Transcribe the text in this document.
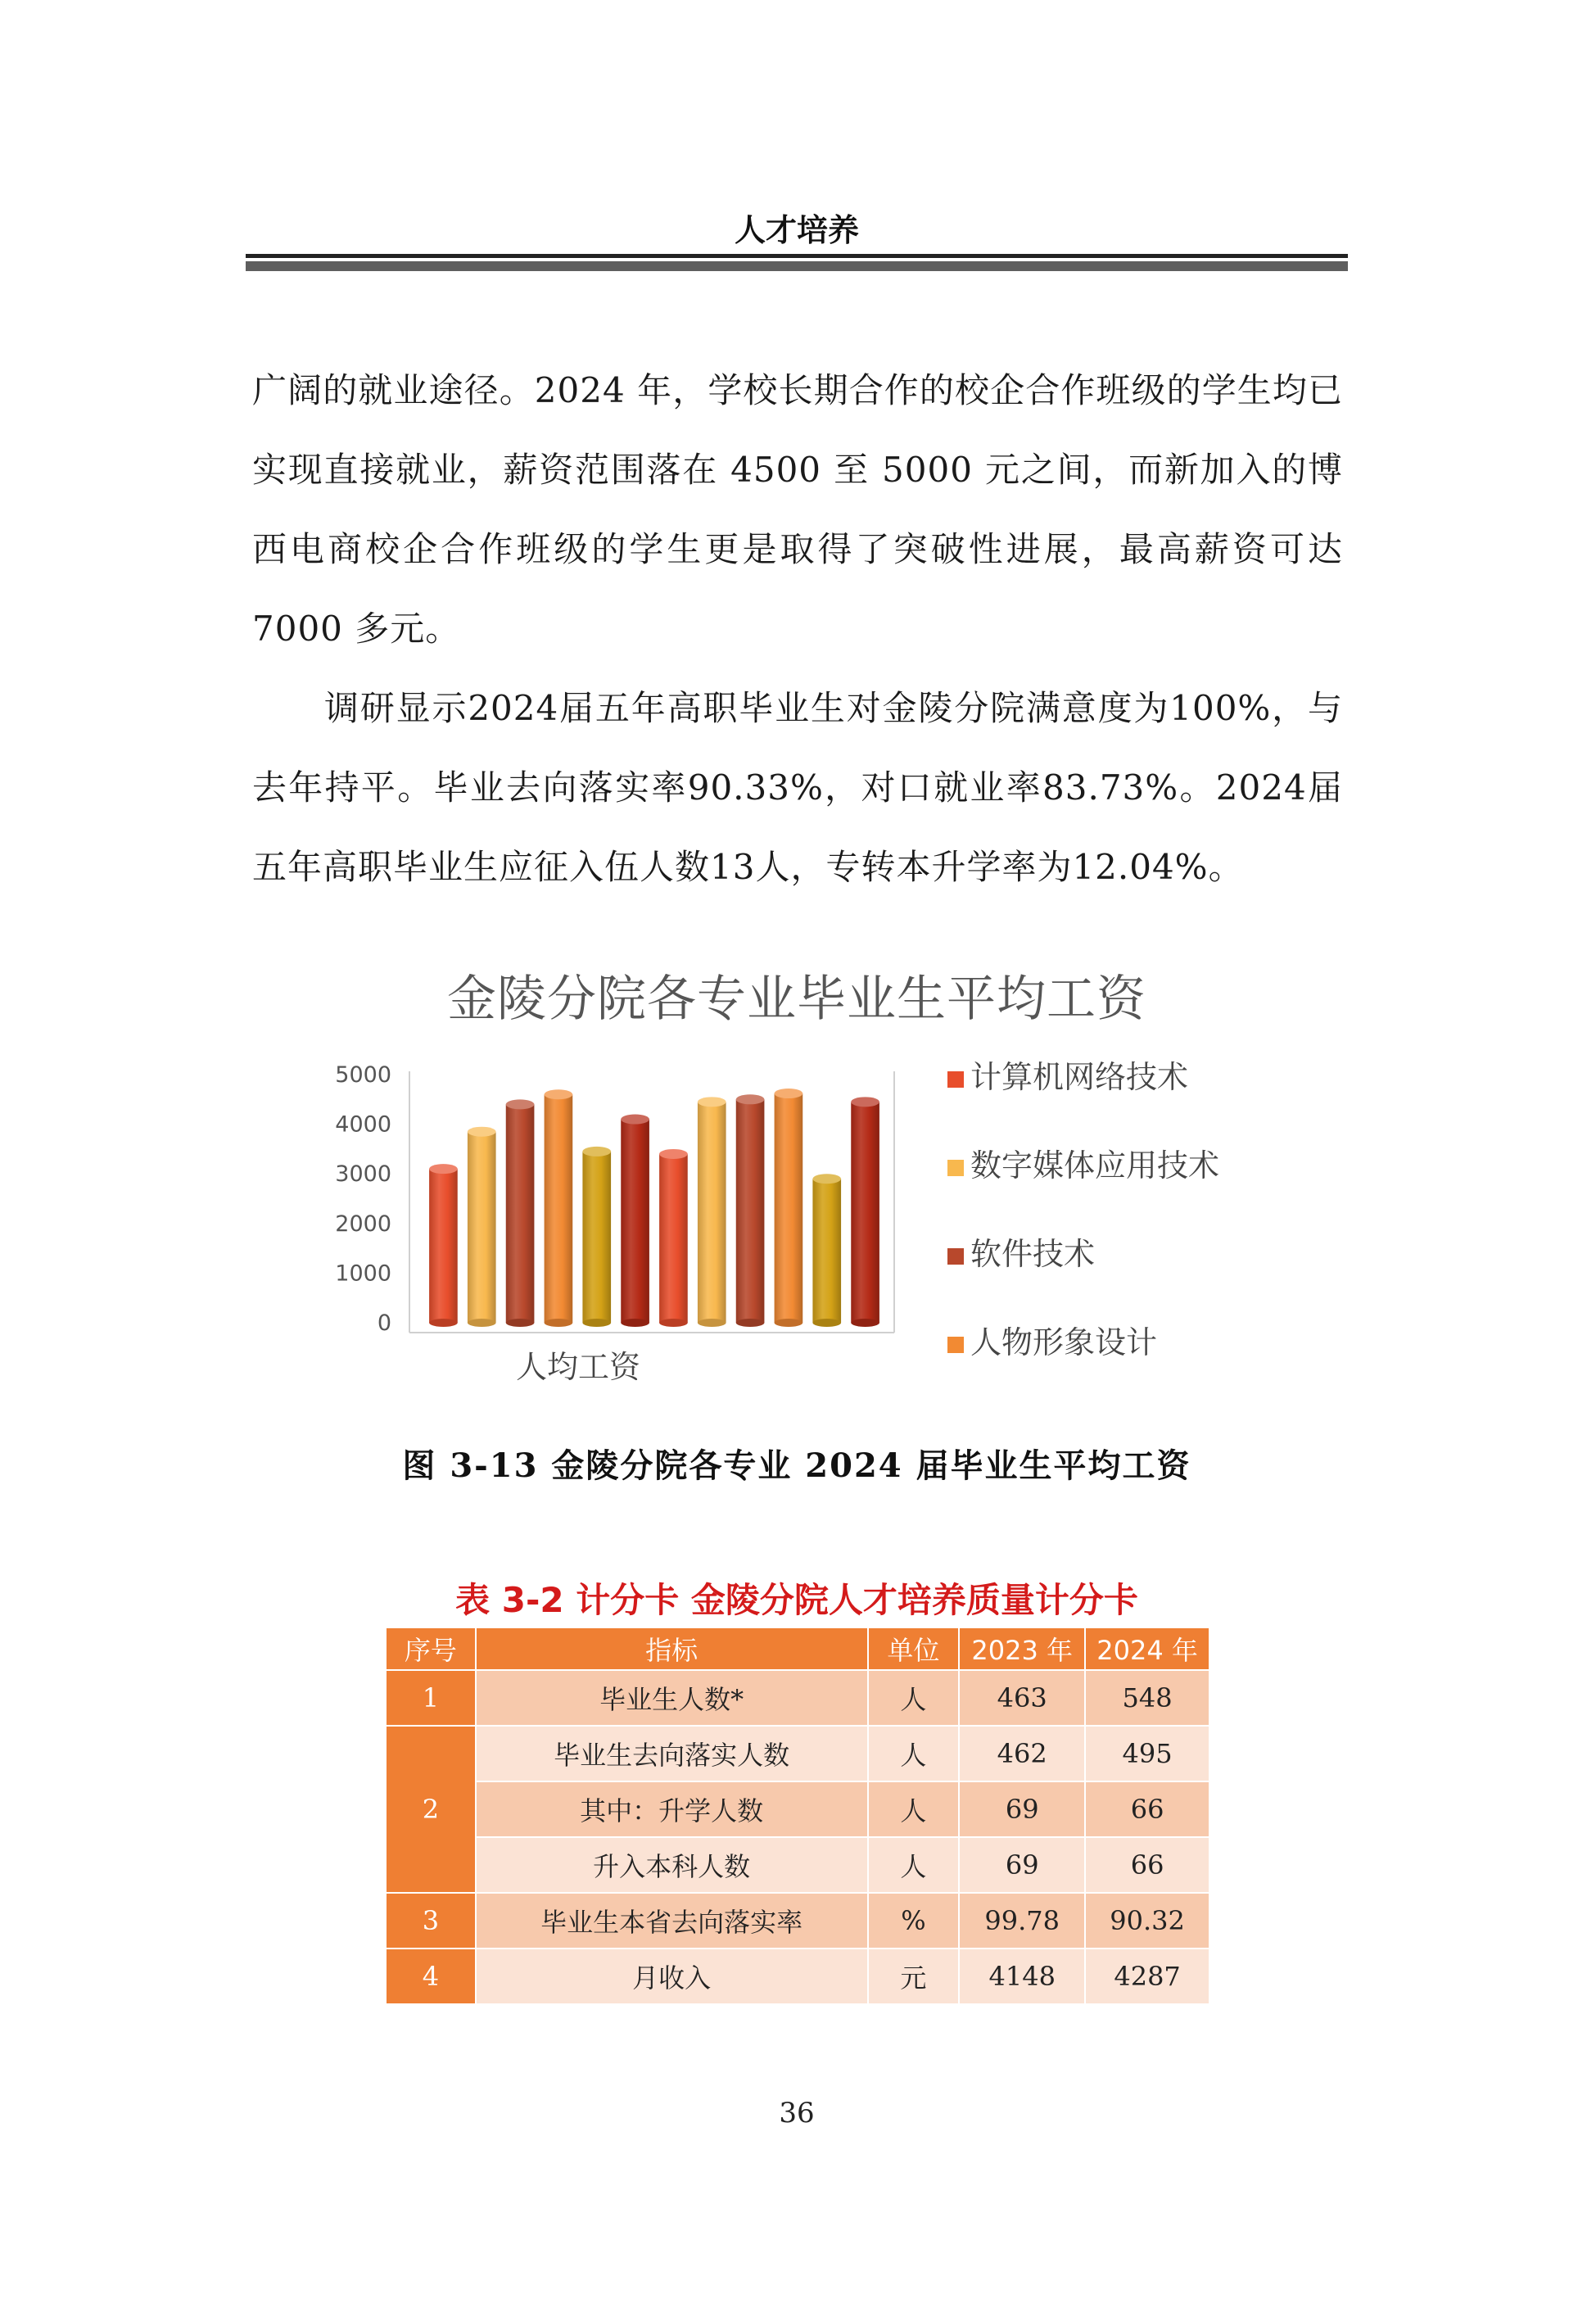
人才培养

广阔的就业途径。2024 年，学校长期合作的校企合作班级的学生均已实现直接就业，薪资范围落在 4500 至 5000 元之间，而新加入的博西电商校企合作班级的学生更是取得了突破性进展，最高薪资可达 7000 多元。

调研显示2024届五年高职毕业生对金陵分院满意度为100%，与去年持平。毕业去向落实率90.33%，对口就业率83.73%。2024届五年高职毕业生应征入伍人数13人，专转本升学率为12.04%。

金陵分院各专业毕业生平均工资
0
1000
2000
3000
4000
5000
人均工资
计算机网络技术
数字媒体应用技术
软件技术
人物形象设计
图 3-13 金陵分院各专业 2024 届毕业生平均工资
表 3-2 计分卡 金陵分院人才培养质量计分卡
序号	指标	单位	2023 年	2024 年
1	毕业生人数*	人	463	548
2	毕业生去向落实人数	人	462	495
	其中：升学人数	人	69	66
	升入本科人数	人	69	66
3	毕业生本省去向落实率	%	99.78	90.32
4	月收入	元	4148	4287
36
